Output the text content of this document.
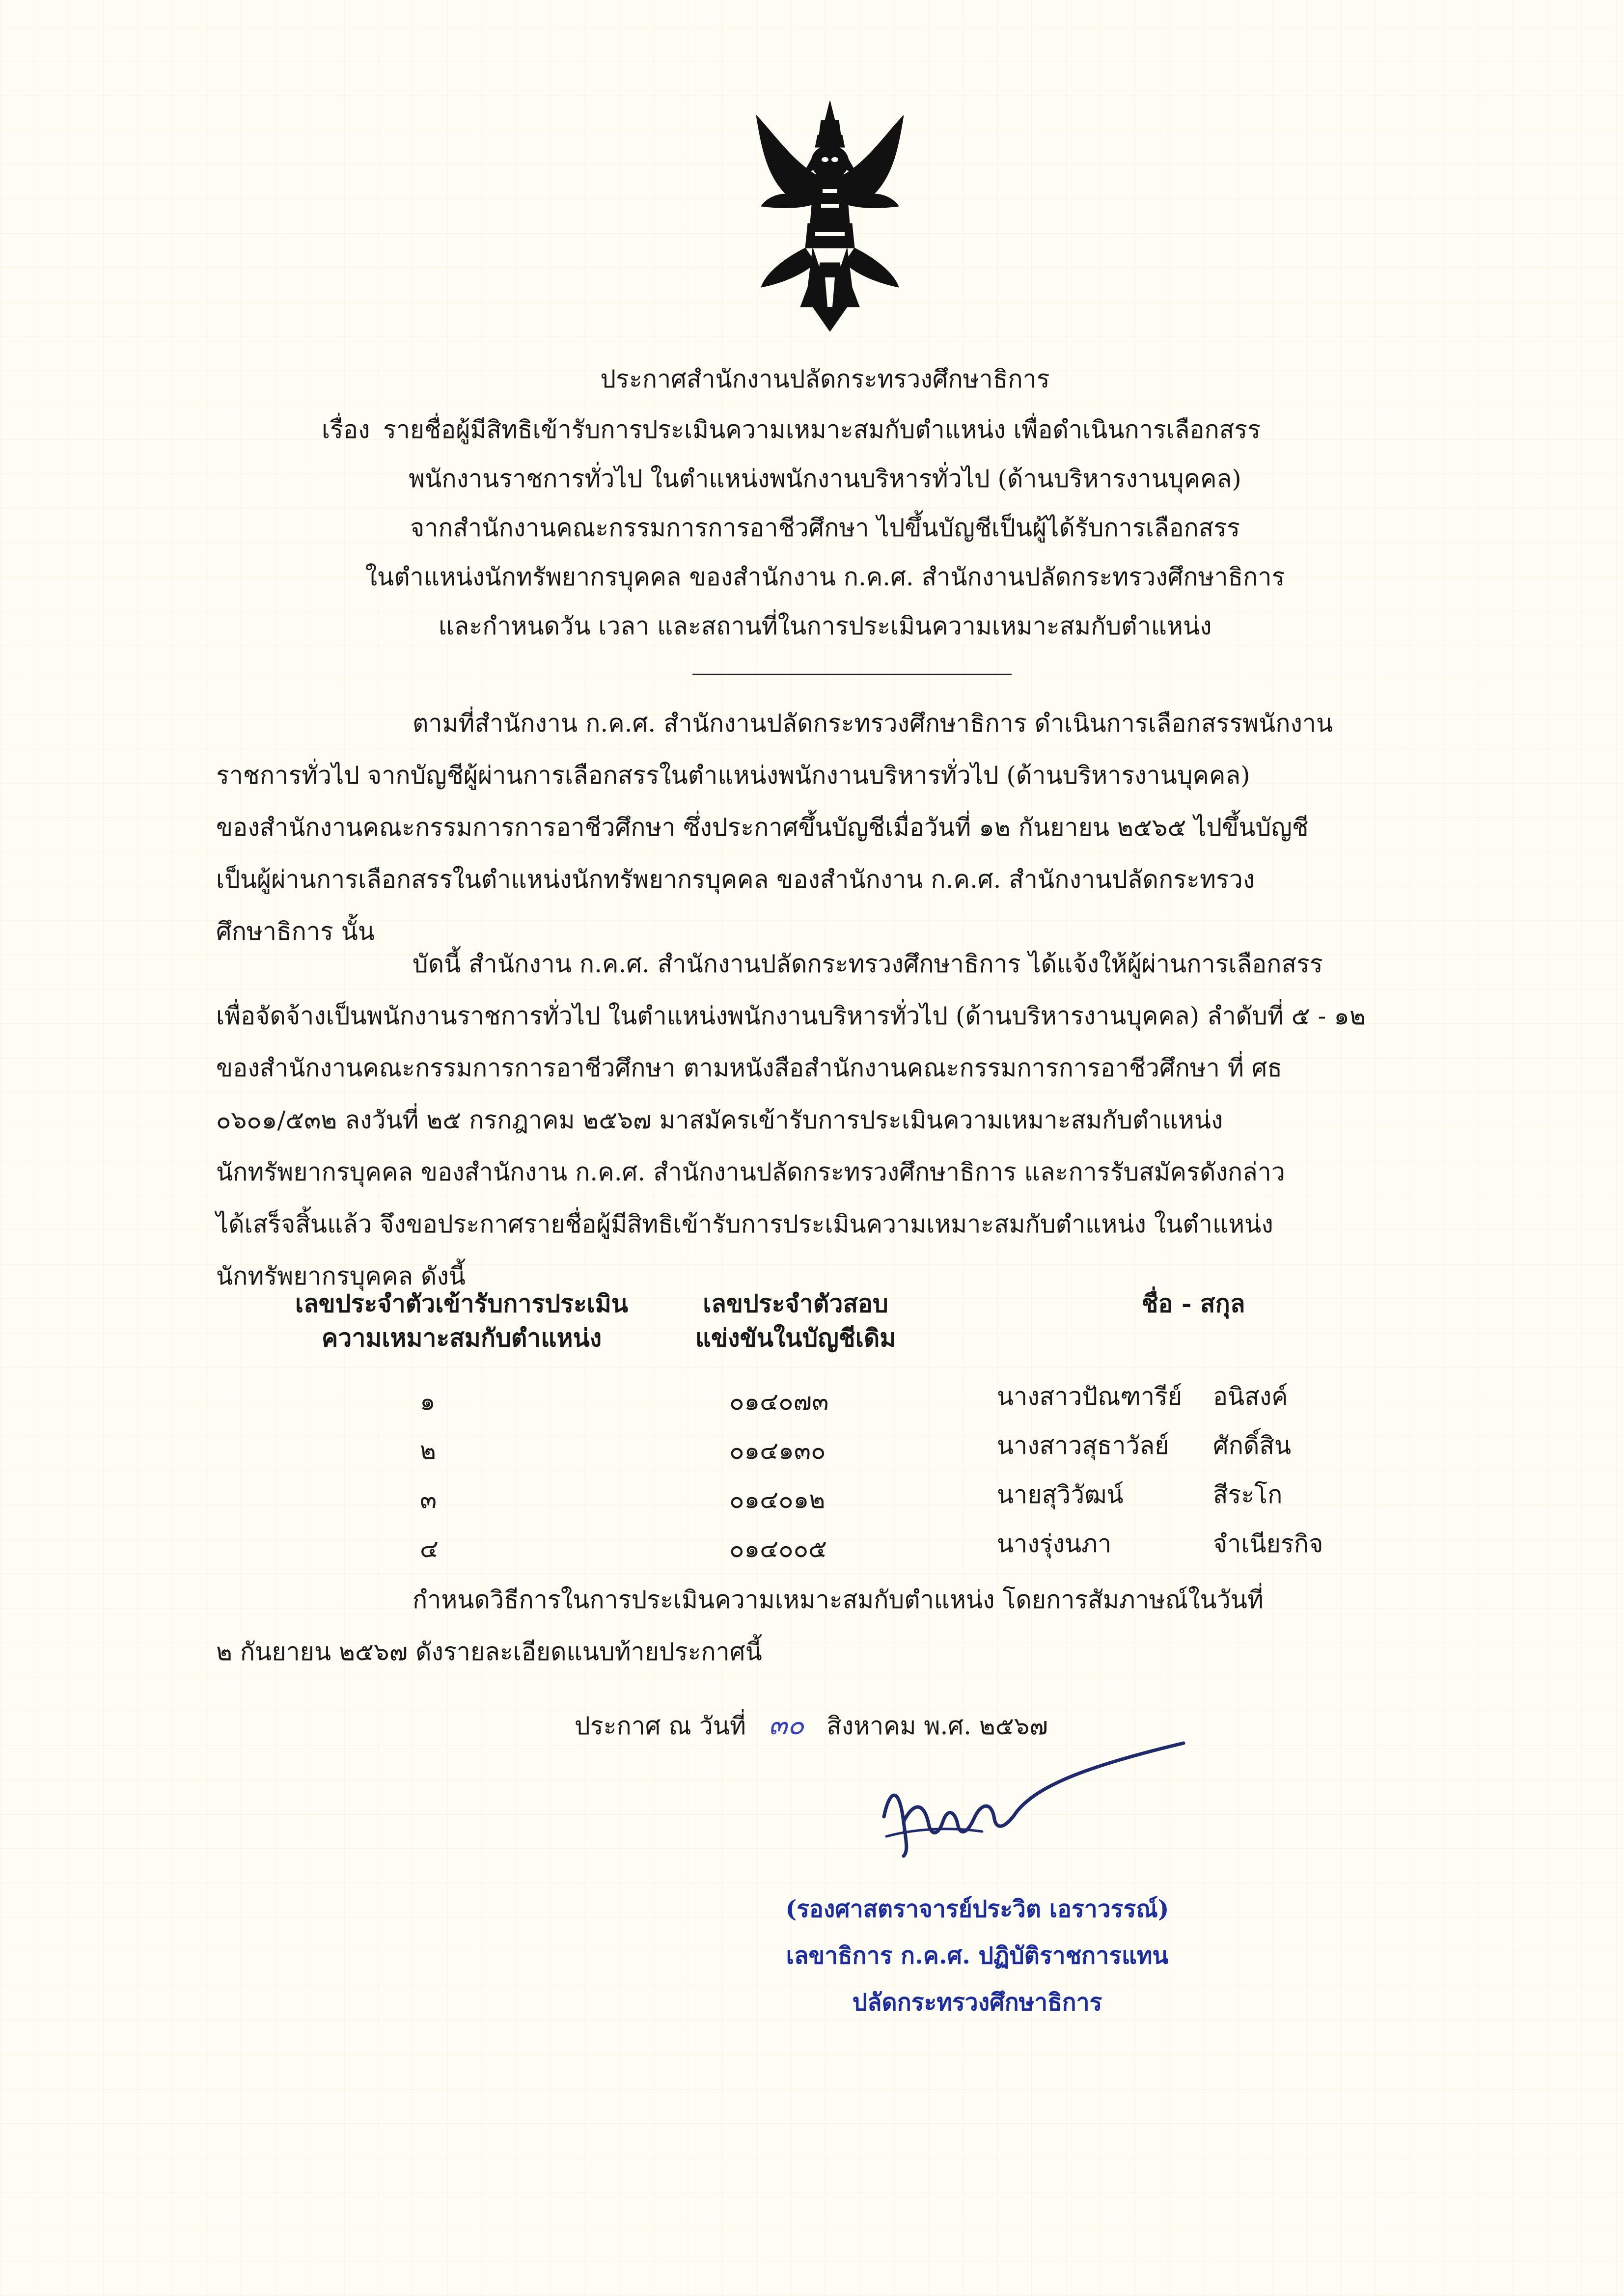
ประกาศสำนักงานปลัดกระทรวงศึกษาธิการ
เรื่อง รายชื่อผู้มีสิทธิเข้ารับการประเมินความเหมาะสมกับตำแหน่ง เพื่อดำเนินการเลือกสรร
พนักงานราชการทั่วไป ในตำแหน่งพนักงานบริหารทั่วไป (ด้านบริหารงานบุคคล)
จากสำนักงานคณะกรรมการการอาชีวศึกษา ไปขึ้นบัญชีเป็นผู้ได้รับการเลือกสรร
ในตำแหน่งนักทรัพยากรบุคคล ของสำนักงาน ก.ค.ศ. สำนักงานปลัดกระทรวงศึกษาธิการ
และกำหนดวัน เวลา และสถานที่ในการประเมินความเหมาะสมกับตำแหน่ง
ตามที่สำนักงาน ก.ค.ศ. สำนักงานปลัดกระทรวงศึกษาธิการ ดำเนินการเลือกสรรพนักงาน
ราชการทั่วไป จากบัญชีผู้ผ่านการเลือกสรรในตำแหน่งพนักงานบริหารทั่วไป (ด้านบริหารงานบุคคล)
ของสำนักงานคณะกรรมการการอาชีวศึกษา ซึ่งประกาศขึ้นบัญชีเมื่อวันที่ ๑๒ กันยายน ๒๕๖๕ ไปขึ้นบัญชี
เป็นผู้ผ่านการเลือกสรรในตำแหน่งนักทรัพยากรบุคคล ของสำนักงาน ก.ค.ศ. สำนักงานปลัดกระทรวง
ศึกษาธิการ นั้น
บัดนี้ สำนักงาน ก.ค.ศ. สำนักงานปลัดกระทรวงศึกษาธิการ ได้แจ้งให้ผู้ผ่านการเลือกสรร
เพื่อจัดจ้างเป็นพนักงานราชการทั่วไป ในตำแหน่งพนักงานบริหารทั่วไป (ด้านบริหารงานบุคคล) ลำดับที่ ๕ - ๑๒
ของสำนักงานคณะกรรมการการอาชีวศึกษา ตามหนังสือสำนักงานคณะกรรมการการอาชีวศึกษา ที่ ศธ
๐๖๐๑/๕๓๒ ลงวันที่ ๒๕ กรกฎาคม ๒๕๖๗ มาสมัครเข้ารับการประเมินความเหมาะสมกับตำแหน่ง
นักทรัพยากรบุคคล ของสำนักงาน ก.ค.ศ. สำนักงานปลัดกระทรวงศึกษาธิการ และการรับสมัครดังกล่าว
ได้เสร็จสิ้นแล้ว จึงขอประกาศรายชื่อผู้มีสิทธิเข้ารับการประเมินความเหมาะสมกับตำแหน่ง ในตำแหน่ง
นักทรัพยากรบุคคล ดังนี้
เลขประจำตัวเข้ารับการประเมิน
ความเหมาะสมกับตำแหน่ง
เลขประจำตัวสอบ
แข่งขันในบัญชีเดิม
ชื่อ - สกุล
๑	๐๑๔๐๗๓	นางสาวปัณฑารีย์ อนิสงค์
๒	๐๑๔๑๓๐	นางสาวสุธาวัลย์ ศักดิ์สิน
๓	๐๑๔๐๑๒	นายสุวิวัฒน์	สีระโก
๔	๐๑๔๐๐๕	นางรุ่งนภา	จำเนียรกิจ
กำหนดวิธีการในการประเมินความเหมาะสมกับตำแหน่ง โดยการสัมภาษณ์ในวันที่
๒ กันยายน ๒๕๖๗ ดังรายละเอียดแนบท้ายประกาศนี้
ประกาศ ณ วันที่ ๓๐ สิงหาคม พ.ศ. ๒๕๖๗
(รองศาสตราจารย์ประวิต เอราวรรณ์)
เลขาธิการ ก.ค.ศ. ปฏิบัติราชการแทน
ปลัดกระทรวงศึกษาธิการ
